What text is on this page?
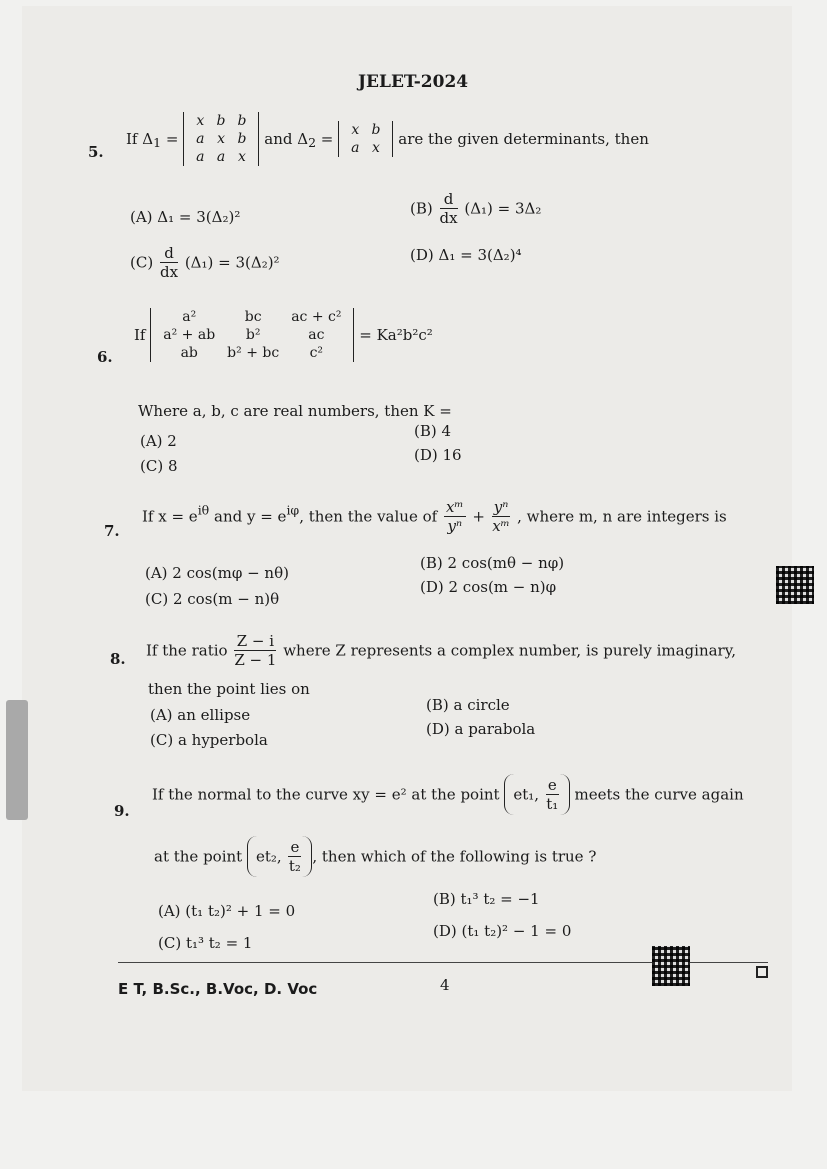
JELET-2024
5.
If $\Delta_1$ =
x	b	b
a	x	b
a	a	x
and $\Delta_2 = x$	b
a	x are the given determinants, then
(A) Δ₁ = 3(Δ₂)²	$(B) \frac{d}{dx} (\Delta_1) = 3\Delta_2$
$(C) \frac{d}{dx} (\Delta_1) = 3(\Delta_2)^2$	(D) Δ₁ = 3(Δ₂)⁴
6.
If
a²	bc	ac + c²
a² + ab	b²	ac
ab	b² + bc	c²
= Ka²b²c²
Where a, b, c are real numbers, then K =
(A) 2
(B) 4
(C) 8
(D) 16
7.
If $x = e^{i\theta}$ and $y = e^{i\varphi}$, then the value of $\frac{\text{xᵐ}}{\text{yⁿ}} + \frac{\text{yⁿ}}{\text{xᵐ}}$ , where m, n are integers is
(A) 2 cos(mφ − nθ)
(B) 2 cos(mθ − nφ)
(C) 2 cos(m − n)θ
(D) 2 cos(m − n)φ
8. If the ratio $\frac{Z - i}{Z - 1}$ where Z represents a complex number, is purely imaginary,
then the point lies on
(A) an ellipse
(B) a circle
(C) a hyperbola
(D) a parabola
9.
If the normal to the curve xy = e² at the point et₁, $\frac{e}{\text{t₁}}$ meets the curve again
at the point et₂, $\frac{e}{\text{t₂}}$ , then which of the following is true ?
(A) (t₁ t₂)² + 1 = 0
(B) t₁³ t₂ = −1
(C) t₁³ t₂ = 1
(D) (t₁ t₂)² − 1 = 0
E T, B.Sc., B.Voc, D. Voc	4
